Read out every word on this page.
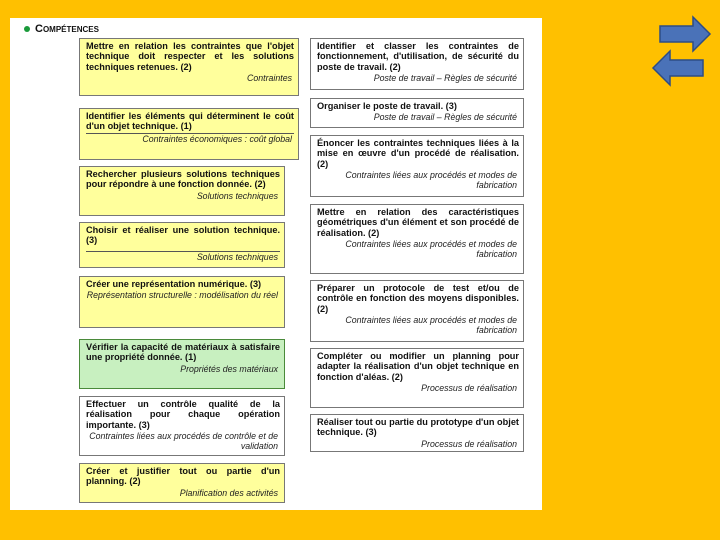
Compétences
Mettre en relation les contraintes que l'objet technique doit respecter et les solutions techniques retenues. (2)
Contraintes
Identifier les éléments qui déterminent le coût d'un objet technique. (1)
Contraintes économiques : coût global
Rechercher plusieurs solutions techniques pour répondre à une fonction donnée. (2)
Solutions techniques
Choisir et réaliser une solution technique. (3)
Solutions techniques
Créer une représentation numérique. (3)
Représentation structurelle : modélisation du réel
Vérifier la capacité de matériaux à satisfaire une propriété donnée. (1)
Propriétés des matériaux
Effectuer un contrôle qualité de la réalisation pour chaque opération importante. (3)
Contraintes liées aux procédés de contrôle et de validation
Créer et justifier tout ou partie d'un planning. (2)
Planification des activités
Identifier et classer les contraintes de fonctionnement, d'utilisation, de sécurité du poste de travail. (2)
Poste de travail – Règles de sécurité
Organiser le poste de travail. (3)
Poste de travail – Règles de sécurité
Énoncer les contraintes techniques liées à la mise en œuvre d'un procédé de réalisation. (2)
Contraintes liées aux procédés et modes de fabrication
Mettre en relation des caractéristiques géométriques d'un élément et son procédé de réalisation. (2)
Contraintes liées aux procédés et modes de fabrication
Préparer un protocole de test et/ou de contrôle en fonction des moyens disponibles. (2)
Contraintes liées aux procédés et modes de fabrication
Compléter ou modifier un planning pour adapter la réalisation d'un objet technique en fonction d'aléas. (2)
Processus de réalisation
Réaliser tout ou partie du prototype d'un objet technique. (3)
Processus de réalisation
